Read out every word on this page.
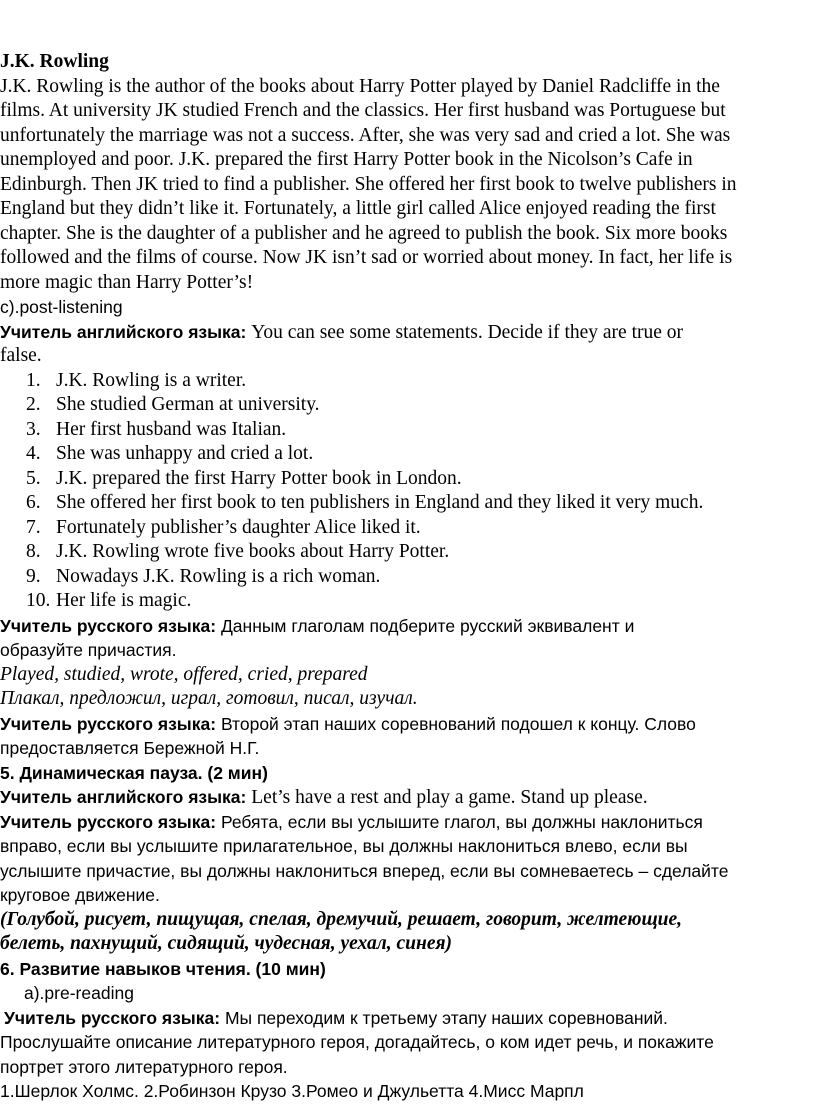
J.K. Rowling
J.K. Rowling is the author of the books about Harry Potter played by Daniel Radcliffe in the
films. At university JK studied French and the classics. Her first husband was Portuguese but
unfortunately the marriage was not a success. After, she was very sad and cried a lot. She was
unemployed and poor. J.K. prepared the first Harry Potter book in the Nicolson’s Cafe in
Edinburgh. Then JK tried to find a publisher. She offered her first book to twelve publishers in
England but they didn’t like it. Fortunately, a little girl called Alice enjoyed reading the first
chapter. She is the daughter of a publisher and he agreed to publish the book. Six more books
followed and the films of course. Now JK isn’t sad or worried about money. In fact, her life is
more magic than Harry Potter’s!
c).post-listening
Учитель английского языка: You can see some statements. Decide if they are true or
false.
1. J.K. Rowling is a writer.
2. She studied German at university.
3. Her first husband was Italian.
4. She was unhappy and cried a lot.
5. J.K. prepared the first Harry Potter book in London.
6. She offered her first book to ten publishers in England and they liked it very much.
7. Fortunately publisher’s daughter Alice liked it.
8. J.K. Rowling wrote five books about Harry Potter.
9. Nowadays J.K. Rowling is a rich woman.
10. Her life is magic.
Учитель русского языка: Данным глаголам подберите русский эквивалент и
образуйте причастия.
Played, studied, wrote, offered, cried, prepared
Плакал, предложил, играл, готовил, писал, изучал.
Учитель русского языка: Второй этап наших соревнований подошел к концу. Слово
предоставляется Бережной Н.Г.
5. Динамическая пауза. (2 мин)
Учитель английского языка: Let’s have a rest and play a game. Stand up please.
Учитель русского языка: Ребята, если вы услышите глагол, вы должны наклониться
вправо, если вы услышите прилагательное, вы должны наклониться влево, если вы
услышите причастие, вы должны наклониться вперед, если вы сомневаетесь – сделайте
круговое движение.
(Голубой, рисует, пищущая, спелая, дремучий, решает, говорит, желтеющие,
белеть, пахнущий, сидящий, чудесная, уехал, синея)
6. Развитие навыков чтения. (10 мин)
а).pre-reading
Учитель русского языка: Мы переходим к третьему этапу наших соревнований.
Прослушайте описание литературного героя, догадайтесь, о ком идет речь, и покажите
портрет этого литературного героя.
1.Шерлок Холмс. 2.Робинзон Крузо 3.Ромео и Джульетта 4.Мисс Марпл
